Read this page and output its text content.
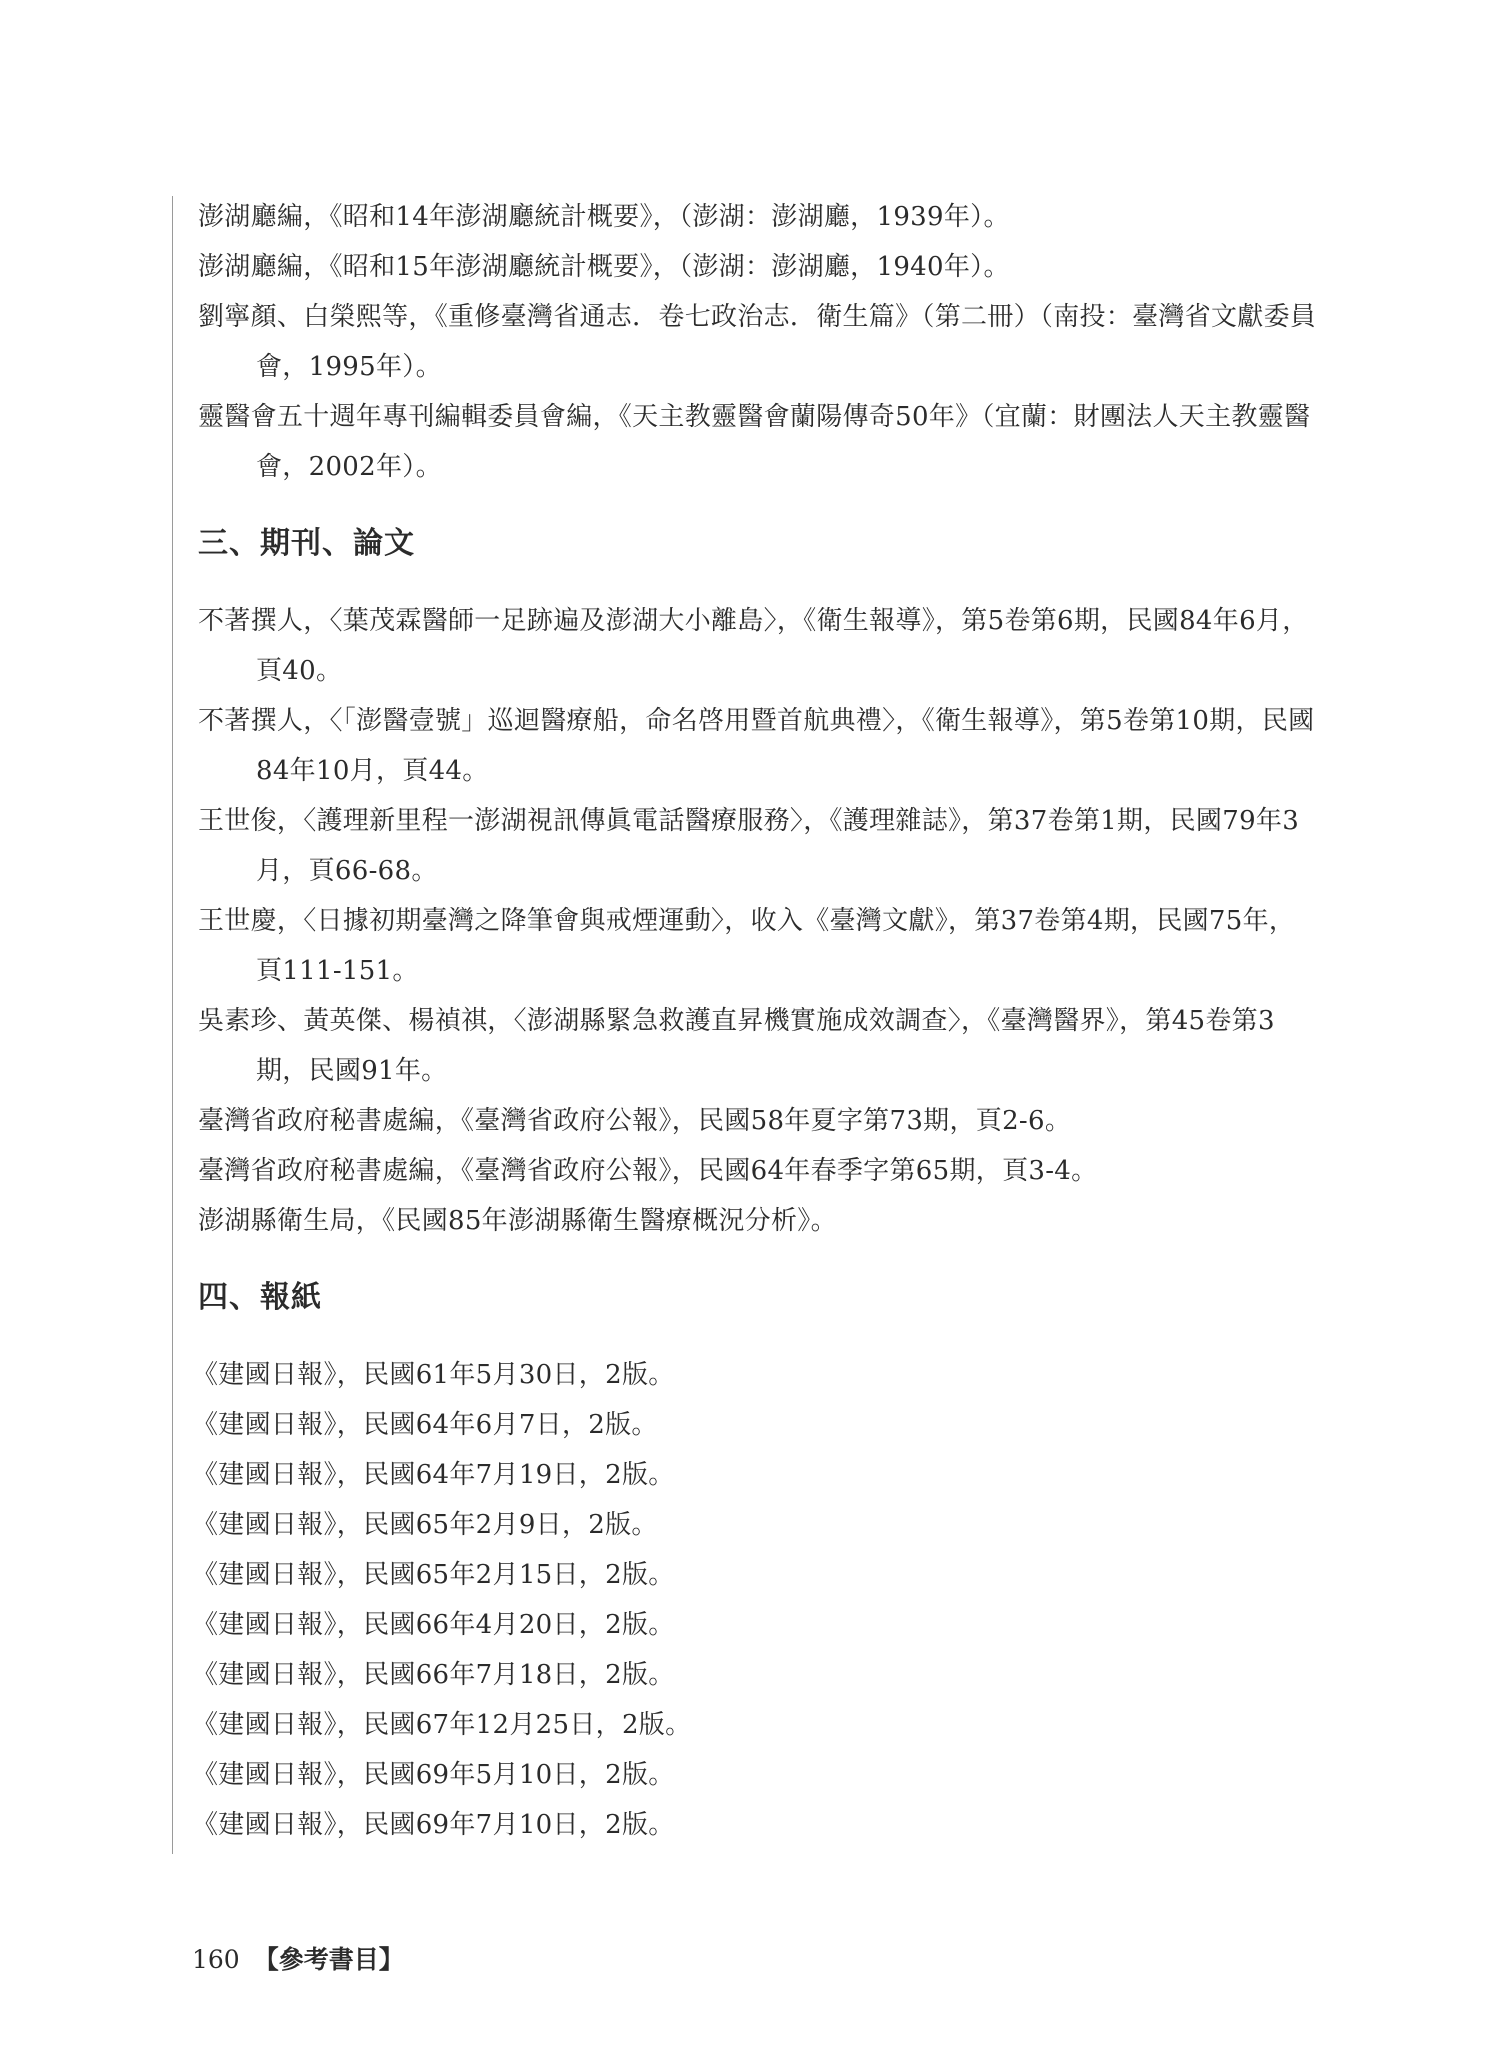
澎湖廳編，《昭和14年澎湖廳統計概要》，（澎湖：澎湖廳，1939年）。
澎湖廳編，《昭和15年澎湖廳統計概要》，（澎湖：澎湖廳，1940年）。
劉寧顏、白榮熙等，《重修臺灣省通志．卷七政治志．衛生篇》（第二冊）（南投：臺灣省文獻委員會，1995年）。
靈醫會五十週年專刊編輯委員會編，《天主教靈醫會蘭陽傳奇50年》（宜蘭：財團法人天主教靈醫會，2002年）。
三、期刊、論文
不著撰人，〈葉茂霖醫師一足跡遍及澎湖大小離島〉，《衛生報導》，第5卷第6期，民國84年6月，頁40。
不著撰人，〈「澎醫壹號」巡迴醫療船，命名啓用暨首航典禮〉，《衛生報導》，第5卷第10期，民國84年10月，頁44。
王世俊，〈護理新里程一澎湖視訊傳眞電話醫療服務〉，《護理雜誌》，第37卷第1期，民國79年3月，頁66-68。
王世慶，〈日據初期臺灣之降筆會與戒煙運動〉，收入《臺灣文獻》，第37卷第4期，民國75年，頁111-151。
吳素珍、黃英傑、楊禎祺，〈澎湖縣緊急救護直昇機實施成效調查〉，《臺灣醫界》，第45卷第3期，民國91年。
臺灣省政府秘書處編，《臺灣省政府公報》，民國58年夏字第73期，頁2-6。
臺灣省政府秘書處編，《臺灣省政府公報》，民國64年春季字第65期，頁3-4。
澎湖縣衛生局，《民國85年澎湖縣衛生醫療概況分析》。
四、報紙
《建國日報》，民國61年5月30日，2版。
《建國日報》，民國64年6月7日，2版。
《建國日報》，民國64年7月19日，2版。
《建國日報》，民國65年2月9日，2版。
《建國日報》，民國65年2月15日，2版。
《建國日報》，民國66年4月20日，2版。
《建國日報》，民國66年7月18日，2版。
《建國日報》，民國67年12月25日，2版。
《建國日報》，民國69年5月10日，2版。
《建國日報》，民國69年7月10日，2版。
160 【參考書目】
